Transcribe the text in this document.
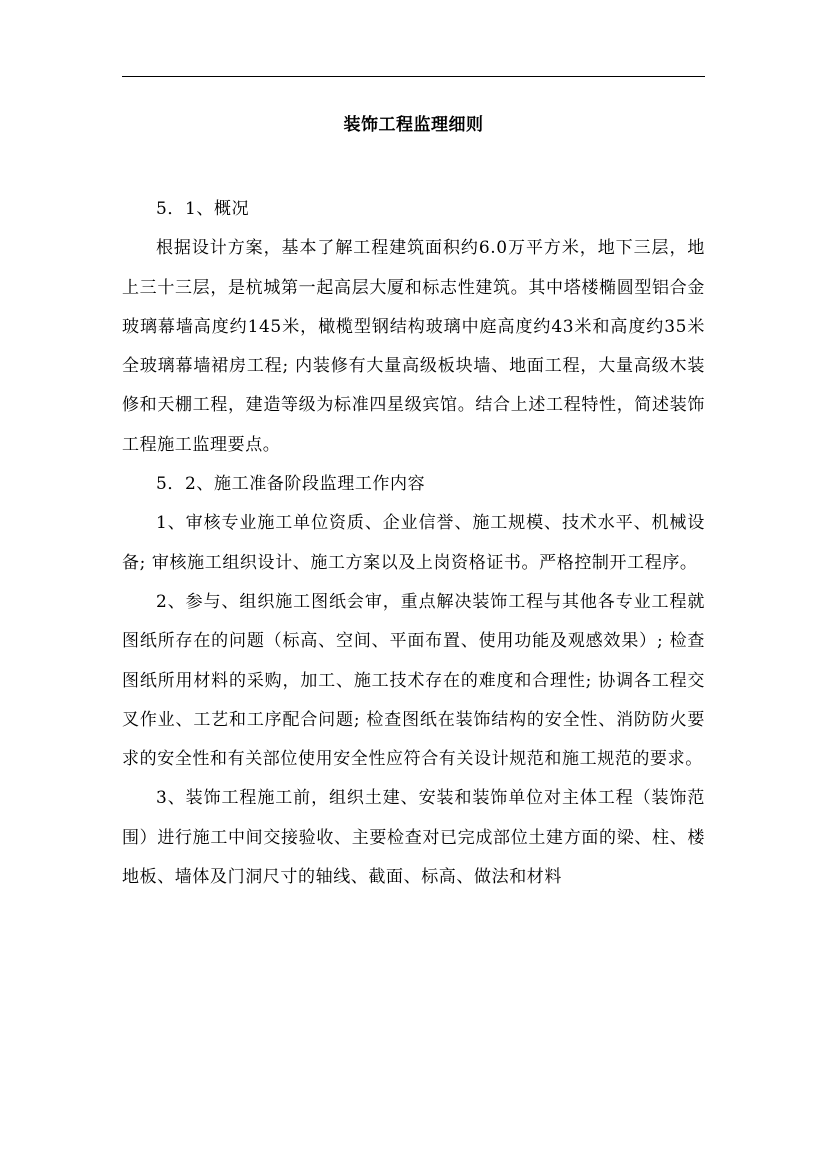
装饰工程监理细则

5．1、概况

根据设计方案，基本了解工程建筑面积约6.0万平方米，地下三层，地上三十三层，是杭城第一起高层大厦和标志性建筑。其中塔楼椭圆型铝合金玻璃幕墙高度约145米，橄榄型钢结构玻璃中庭高度约43米和高度约35米全玻璃幕墙裙房工程; 内装修有大量高级板块墙、地面工程，大量高级木装修和天棚工程，建造等级为标准四星级宾馆。结合上述工程特性，简述装饰工程施工监理要点。

5．2、施工准备阶段监理工作内容

1、审核专业施工单位资质、企业信誉、施工规模、技术水平、机械设备; 审核施工组织设计、施工方案以及上岗资格证书。严格控制开工程序。

2、参与、组织施工图纸会审，重点解决装饰工程与其他各专业工程就图纸所存在的问题（标高、空间、平面布置、使用功能及观感效果）; 检查图纸所用材料的采购，加工、施工技术存在的难度和合理性; 协调各工程交叉作业、工艺和工序配合问题; 检查图纸在装饰结构的安全性、消防防火要求的安全性和有关部位使用安全性应符合有关设计规范和施工规范的要求。

3、装饰工程施工前，组织土建、安装和装饰单位对主体工程（装饰范围）进行施工中间交接验收、主要检查对已完成部位土建方面的梁、柱、楼地板、墙体及门洞尺寸的轴线、截面、标高、做法和材料
